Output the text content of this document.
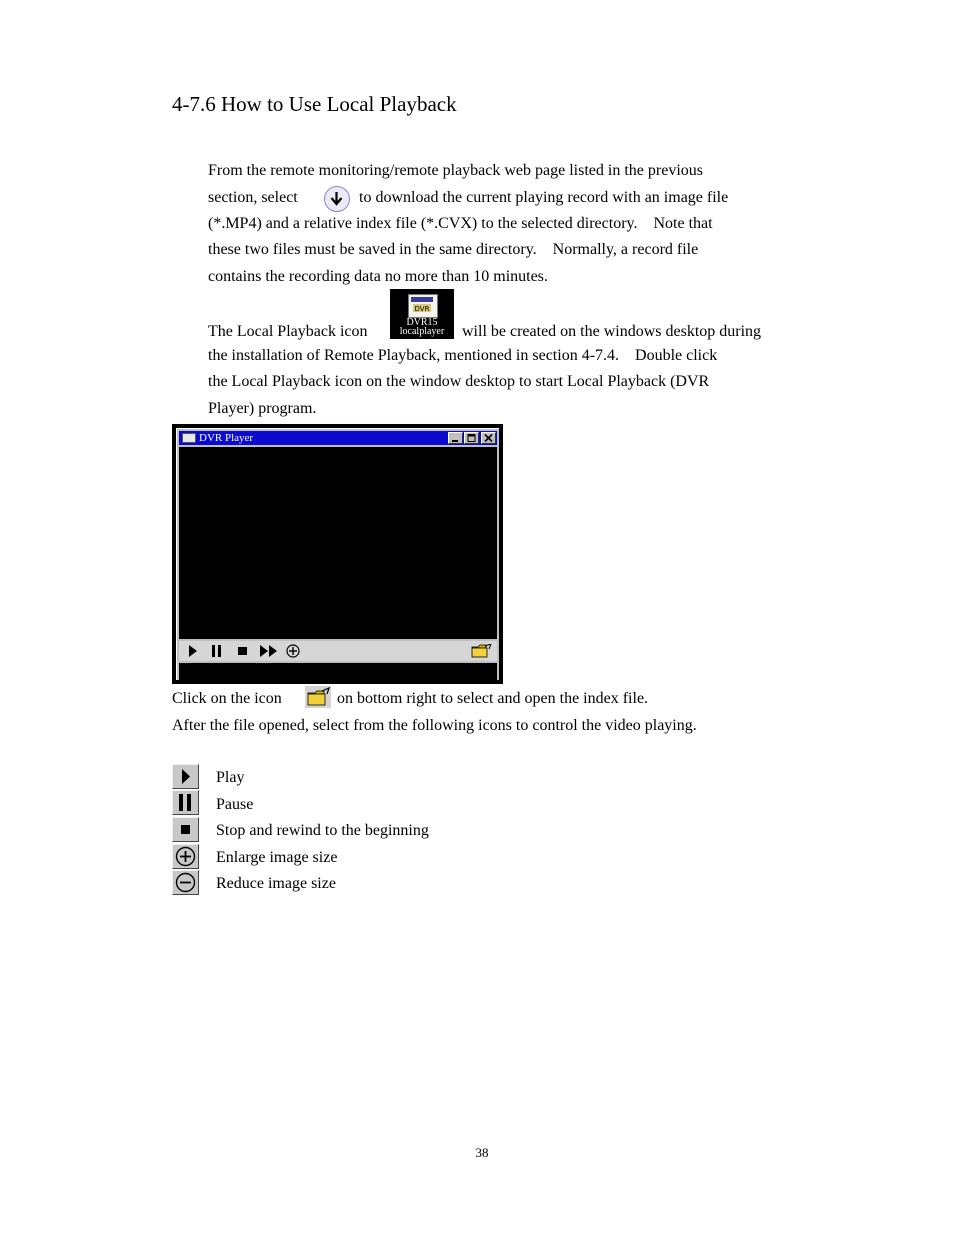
4-7.6 How to Use Local Playback
From the remote monitoring/remote playback web page listed in the previous
section, select	to download the current playing record with an image file
(*.MP4) and a relative index file (*.CVX) to the selected directory.　Note that
these two files must be saved in the same directory.　Normally, a record file
contains the recording data no more than 10 minutes.
The Local Playback icon
DVR
DVR15
localplayer	will be created on the windows desktop during
the installation of Remote Playback, mentioned in section 4-7.4.　Double click
the Local Playback icon on the window desktop to start Local Playback (DVR
Player) program.
DVR Player
Click on the icon	on bottom right to select and open the index file.
After the file opened, select from the following icons to control the video playing.
Play
Pause
Stop and rewind to the beginning
Enlarge image size
Reduce image size
38
